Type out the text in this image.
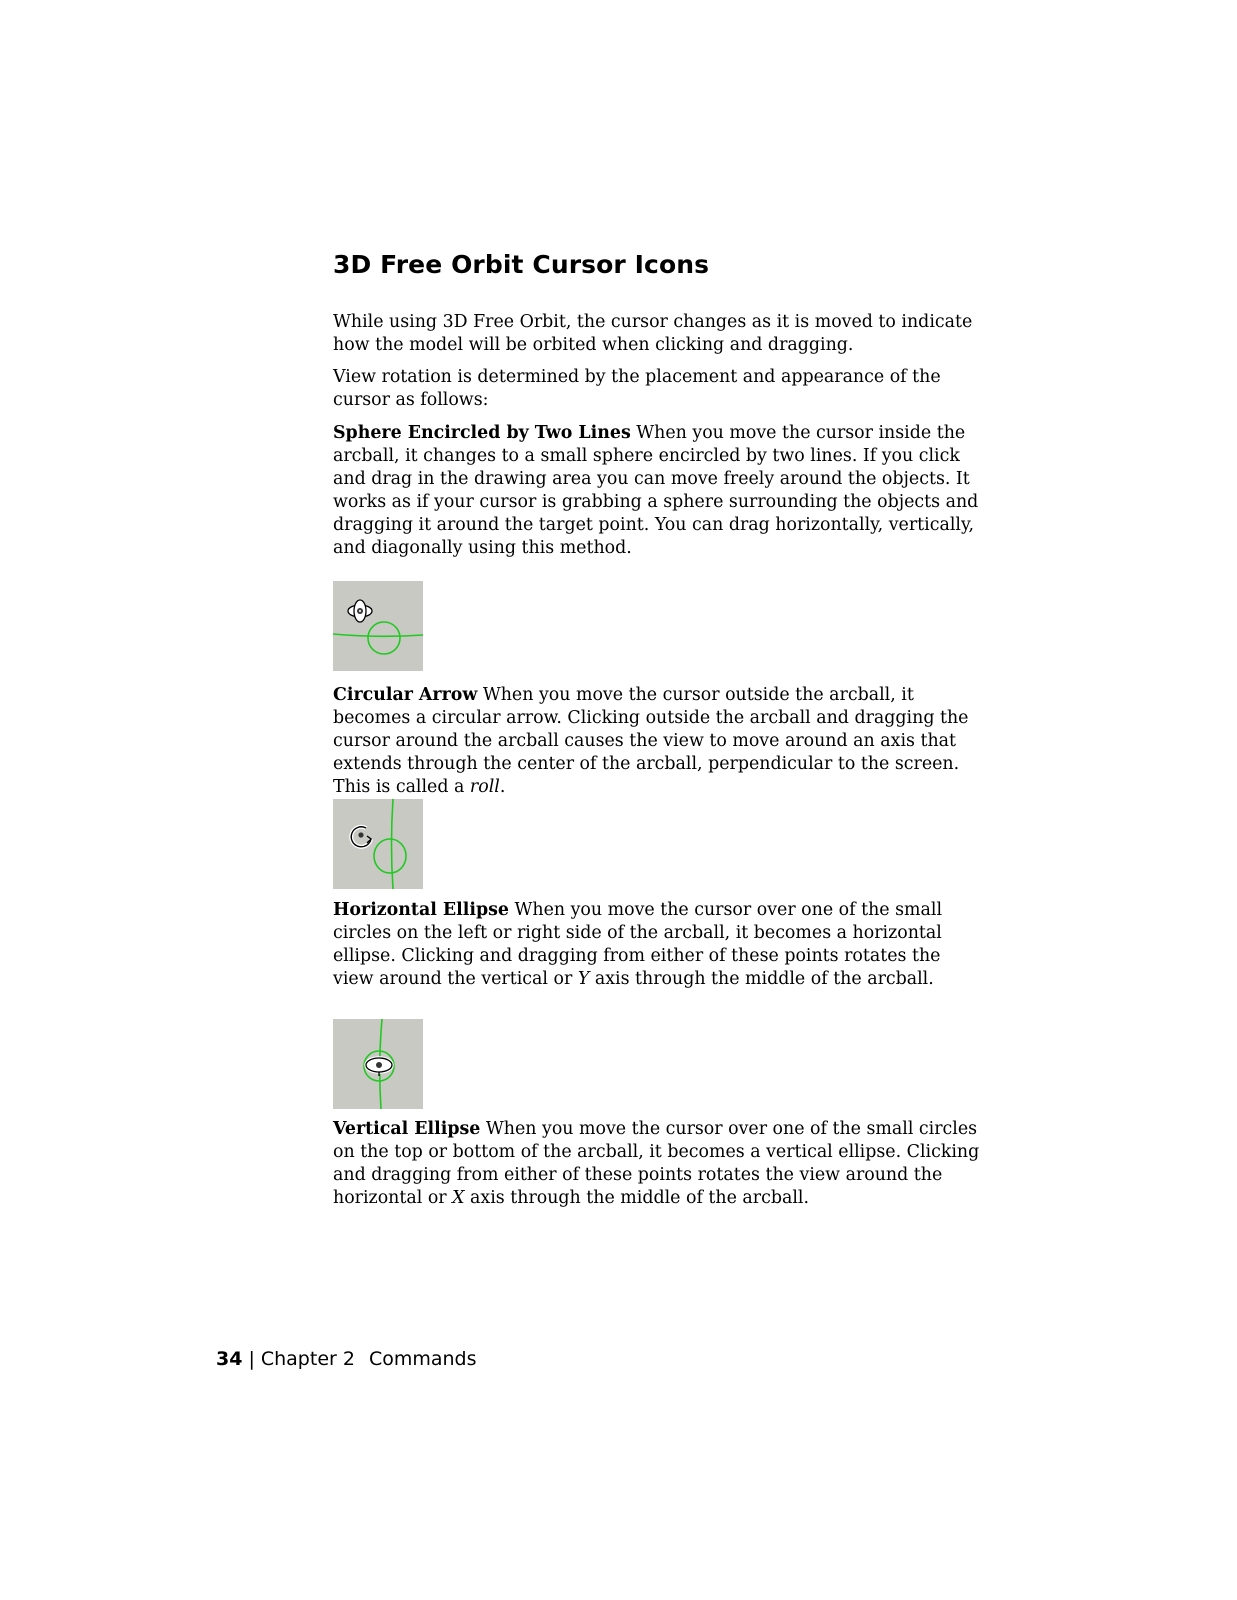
3D Free Orbit Cursor Icons

While using 3D Free Orbit, the cursor changes as it is moved to indicate how the model will be orbited when clicking and dragging.

View rotation is determined by the placement and appearance of the cursor as follows:

Sphere Encircled by Two Lines When you move the cursor inside the arcball, it changes to a small sphere encircled by two lines. If you click and drag in the drawing area you can move freely around the objects. It works as if your cursor is grabbing a sphere surrounding the objects and dragging it around the target point. You can drag horizontally, vertically, and diagonally using this method.

Circular Arrow When you move the cursor outside the arcball, it becomes a circular arrow. Clicking outside the arcball and dragging the cursor around the arcball causes the view to move around an axis that extends through the center of the arcball, perpendicular to the screen. This is called a roll.

Horizontal Ellipse When you move the cursor over one of the small circles on the left or right side of the arcball, it becomes a horizontal ellipse. Clicking and dragging from either of these points rotates the view around the vertical or Y axis through the middle of the arcball.

Vertical Ellipse When you move the cursor over one of the small circles on the top or bottom of the arcball, it becomes a vertical ellipse. Clicking and dragging from either of these points rotates the view around the horizontal or X axis through the middle of the arcball.

34 | Chapter 2 Commands
